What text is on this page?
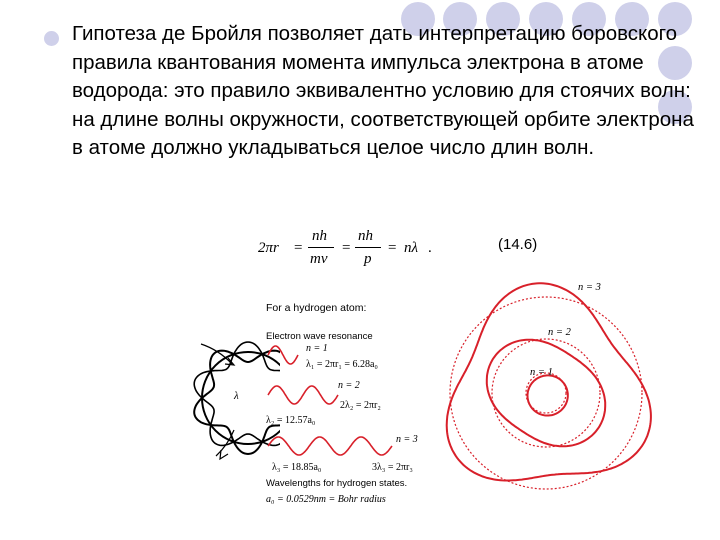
Гипотеза де Бройля позволяет дать интерпретацию боровского правила квантования момента импульса электрона в атоме водорода: это правило эквивалентно условию для стоячих волн: на длине волны окружности, соответствующей орбите электрона в атоме должно укладываться целое число длин волн.
2πr =
nh
mv
=
nh
p
= nλ .	(14.6)
λ
For a hydrogen atom:
Electron wave resonance
n = 1
λ₁ = 2πr₁ = 6.28a₀
n = 2
2λ₂ = 2πr₂
λ₂ = 12.57a₀
n = 3
λ₃ = 18.85a₀	3λ₃ = 2πr₃
Wavelengths for hydrogen states.
a₀ = 0.0529nm = Bohr radius
n = 1
n = 2
n = 3
